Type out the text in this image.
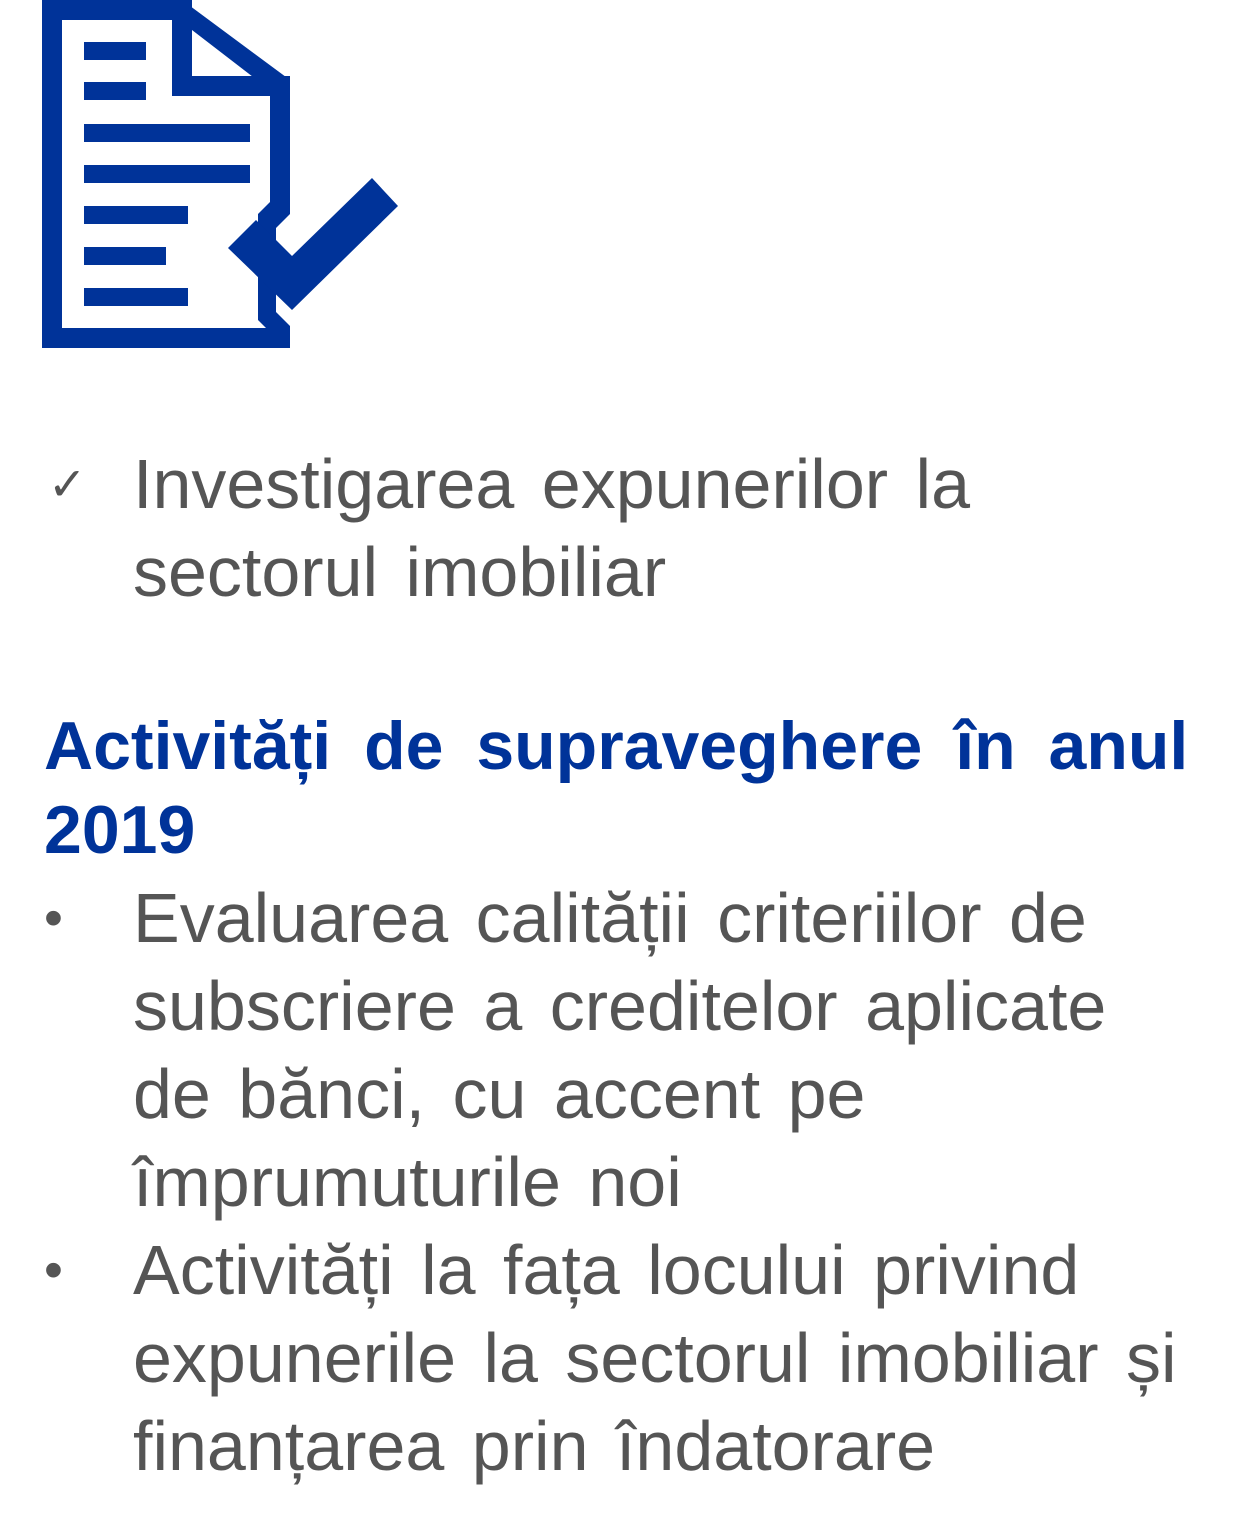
✓ Investigarea expunerilor la sectorul imobiliar
Activități de supraveghere în anul 2019
•	Evaluarea calității criteriilor de subscriere a creditelor aplicate de bănci, cu accent pe împrumuturile noi
•	Activități la fața locului privind expunerile la sectorul imobiliar și finanțarea prin îndatorare
